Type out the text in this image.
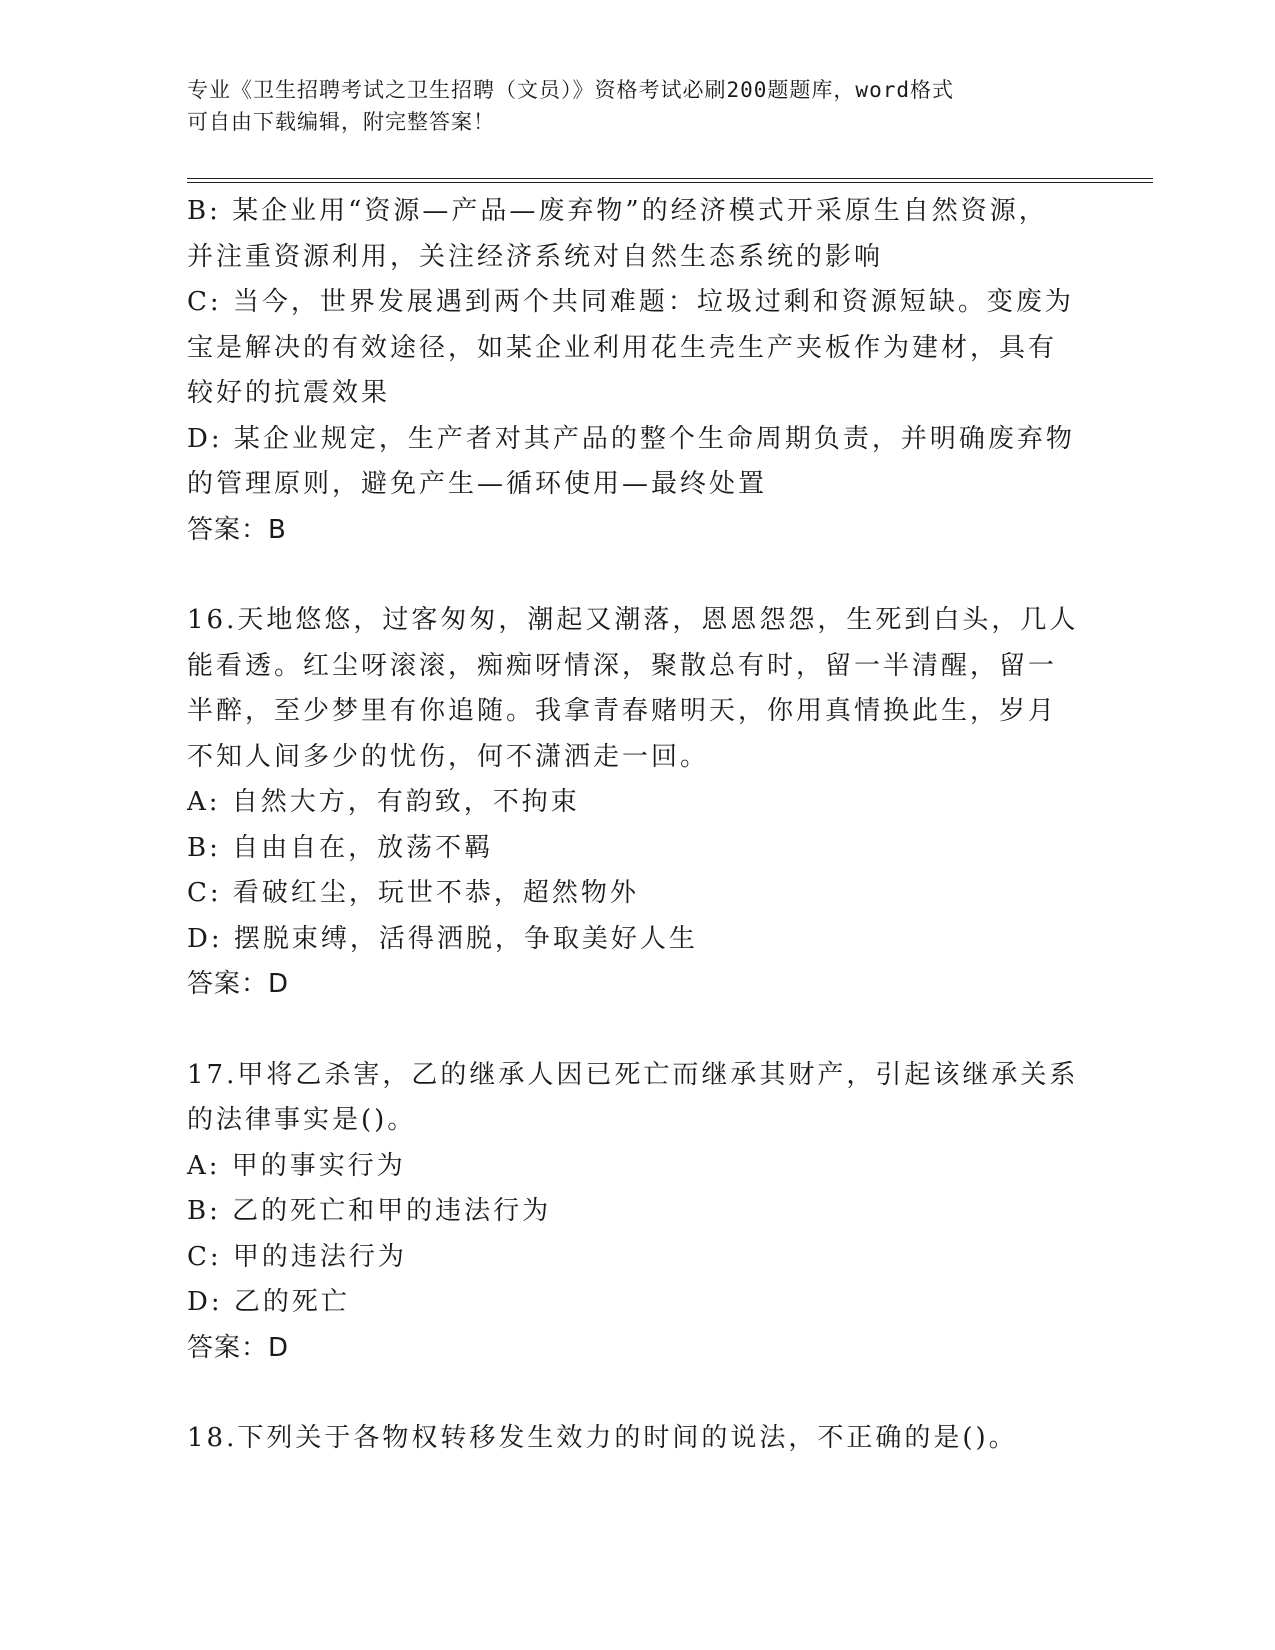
专业《卫生招聘考试之卫生招聘（文员）》资格考试必刷200题题库，word格式
可自由下载编辑，附完整答案！

B: 某企业用“资源—产品—废弃物”的经济模式开采原生自然资源，

并注重资源利用，关注经济系统对自然生态系统的影响

C: 当今，世界发展遇到两个共同难题：垃圾过剩和资源短缺。变废为

宝是解决的有效途径，如某企业利用花生壳生产夹板作为建材，具有

较好的抗震效果

D: 某企业规定，生产者对其产品的整个生命周期负责，并明确废弃物

的管理原则，避免产生—循环使用—最终处置

答案：B

16.天地悠悠，过客匆匆，潮起又潮落，恩恩怨怨，生死到白头，几人

能看透。红尘呀滚滚，痴痴呀情深，聚散总有时，留一半清醒，留一

半醉，至少梦里有你追随。我拿青春赌明天，你用真情换此生，岁月

不知人间多少的忧伤，何不潇洒走一回。

A: 自然大方，有韵致，不拘束

B: 自由自在，放荡不羁

C: 看破红尘，玩世不恭，超然物外

D: 摆脱束缚，活得洒脱，争取美好人生

答案：D

17.甲将乙杀害，乙的继承人因已死亡而继承其财产，引起该继承关系

的法律事实是()。

A: 甲的事实行为

B: 乙的死亡和甲的违法行为

C: 甲的违法行为

D: 乙的死亡

答案：D

18.下列关于各物权转移发生效力的时间的说法，不正确的是()。
